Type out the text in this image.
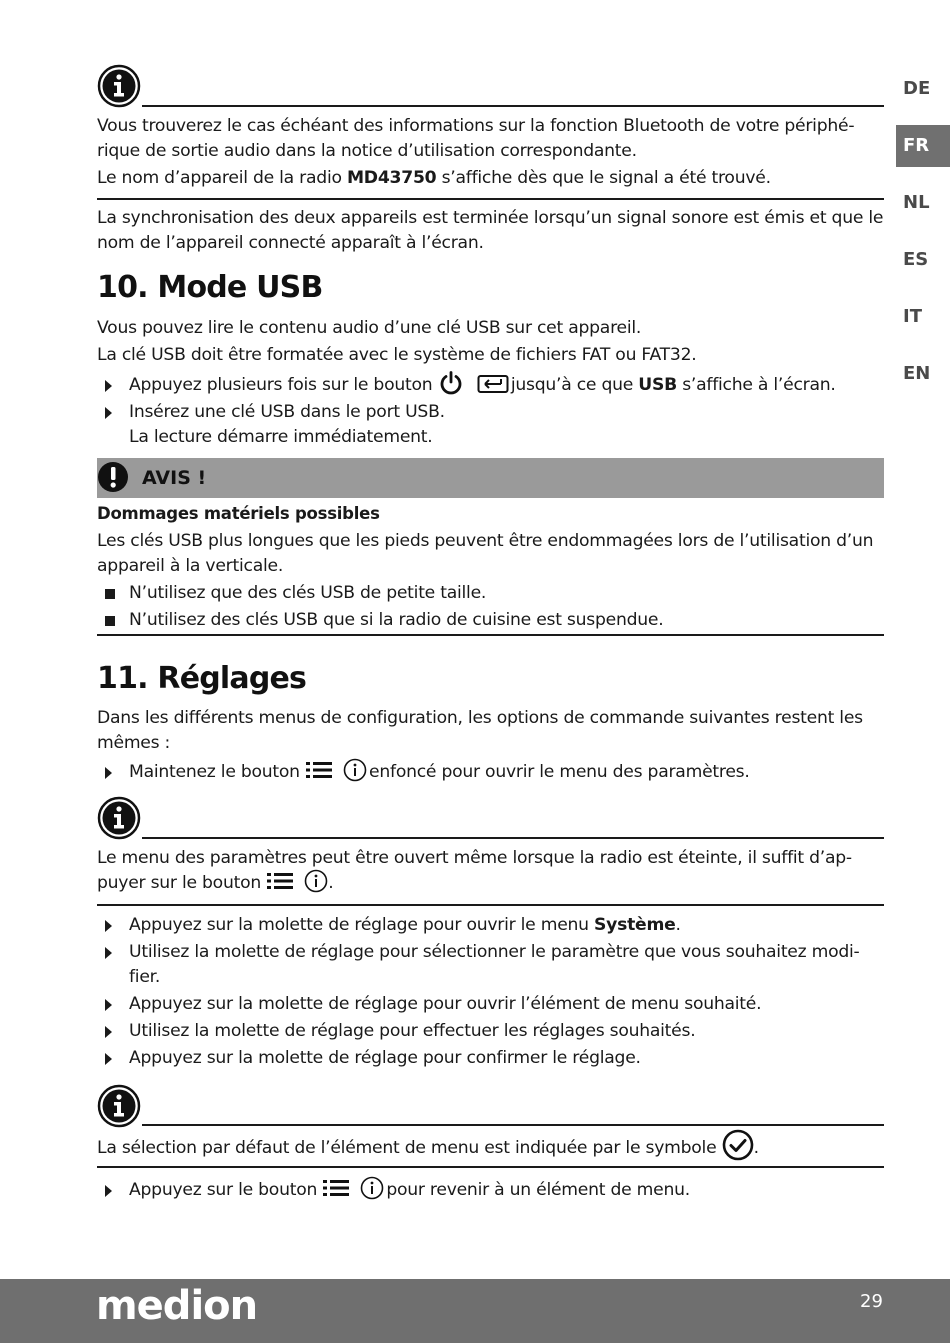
DE
FR
NL
ES
IT
EN

Vous trouverez le cas échéant des informations sur la fonction Bluetooth de votre périphé-
rique de sortie audio dans la notice d’utilisation correspondante.

Le nom d’appareil de la radio MD43750 s’affiche dès que le signal a été trouvé.

La synchronisation des deux appareils est terminée lorsqu’un signal sonore est émis et que le
nom de l’appareil connecté apparaît à l’écran.

10. Mode USB

Vous pouvez lire le contenu audio d’une clé USB sur cet appareil.

La clé USB doit être formatée avec le système de fichiers FAT ou FAT32.

Appuyez plusieurs fois sur le bouton	jusqu’à ce que USB s’affiche à l’écran.
Insérez une clé USB dans le port USB.
La lecture démarre immédiatement.
AVIS !

Dommages matériels possibles

Les clés USB plus longues que les pieds peuvent être endommagées lors de l’utilisation d’un
appareil à la verticale.

N’utilisez que des clés USB de petite taille.
N’utilisez des clés USB que si la radio de cuisine est suspendue.
11. Réglages

Dans les différents menus de configuration, les options de commande suivantes restent les
mêmes :

Maintenez le bouton	enfoncé pour ouvrir le menu des paramètres.

Le menu des paramètres peut être ouvert même lorsque la radio est éteinte, il suffit d’ap-
puyer sur le bouton	.

Appuyez sur la molette de réglage pour ouvrir le menu Système.
Utilisez la molette de réglage pour sélectionner le paramètre que vous souhaitez modi-
fier.
Appuyez sur la molette de réglage pour ouvrir l’élément de menu souhaité.
Utilisez la molette de réglage pour effectuer les réglages souhaités.
Appuyez sur la molette de réglage pour confirmer le réglage.

La sélection par défaut de l’élément de menu est indiquée par le symbole .

Appuyez sur le bouton	pour revenir à un élément de menu.
medion	29
